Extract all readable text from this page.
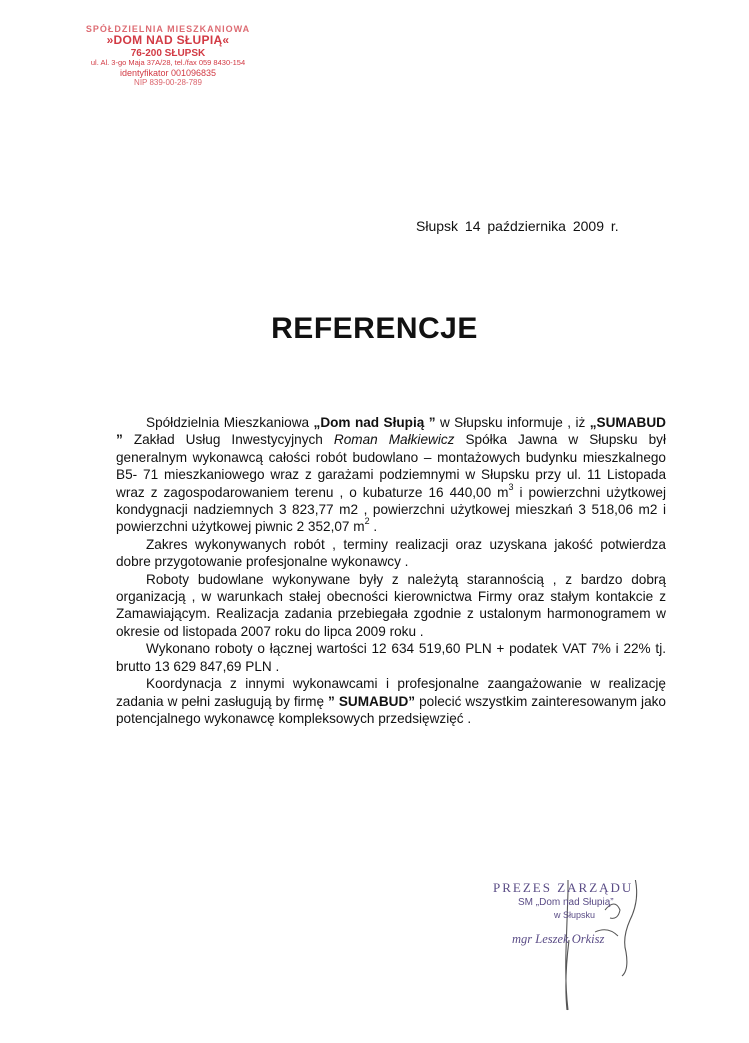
SPÓŁDZIELNIA MIESZKANIOWA
»DOM NAD SŁUPIĄ«
76-200 SŁUPSK
ul. Al. 3-go Maja 37A/28, tel./fax 059 8430-154
identyfikator 001096835
NIP 839-00-28-789
Słupsk 14 października 2009 r.
REFERENCJE

Spółdzielnia Mieszkaniowa „Dom nad Słupią ” w Słupsku informuje , iż „SUMABUD ” Zakład Usług Inwestycyjnych Roman Małkiewicz Spółka Jawna w Słupsku był generalnym wykonawcą całości robót budowlano – montażowych budynku mieszkalnego B5- 71 mieszkaniowego wraz z garażami podziemnymi w Słupsku przy ul. 11 Listopada wraz z zagospodarowaniem terenu , o kubaturze 16 440,00 $m^3$ i powierzchni użytkowej kondygnacji nadziemnych 3 823,77 m2 , powierzchni użytkowej mieszkań 3 518,06 m2 i powierzchni użytkowej piwnic 2 352,07 $m^2$ .

Zakres wykonywanych robót , terminy realizacji oraz uzyskana jakość potwierdza dobre przygotowanie profesjonalne wykonawcy .

Roboty budowlane wykonywane były z należytą starannością , z bardzo dobrą organizacją , w warunkach stałej obecności kierownictwa Firmy oraz stałym kontakcie z Zamawiającym. Realizacja zadania przebiegała zgodnie z ustalonym harmonogramem w okresie od listopada 2007 roku do lipca 2009 roku .

Wykonano roboty o łącznej wartości 12 634 519,60 PLN + podatek VAT 7% i 22% tj. brutto 13 629 847,69 PLN .

Koordynacja z innymi wykonawcami i profesjonalne zaangażowanie w realizację zadania w pełni zasługują by firmę ” SUMABUD” polecić wszystkim zainteresowanym jako potencjalnego wykonawcę kompleksowych przedsięwzięć .

PREZES ZARZĄDU
SM „Dom nad Słupią”
w Słupsku
mgr Leszek Orkisz
